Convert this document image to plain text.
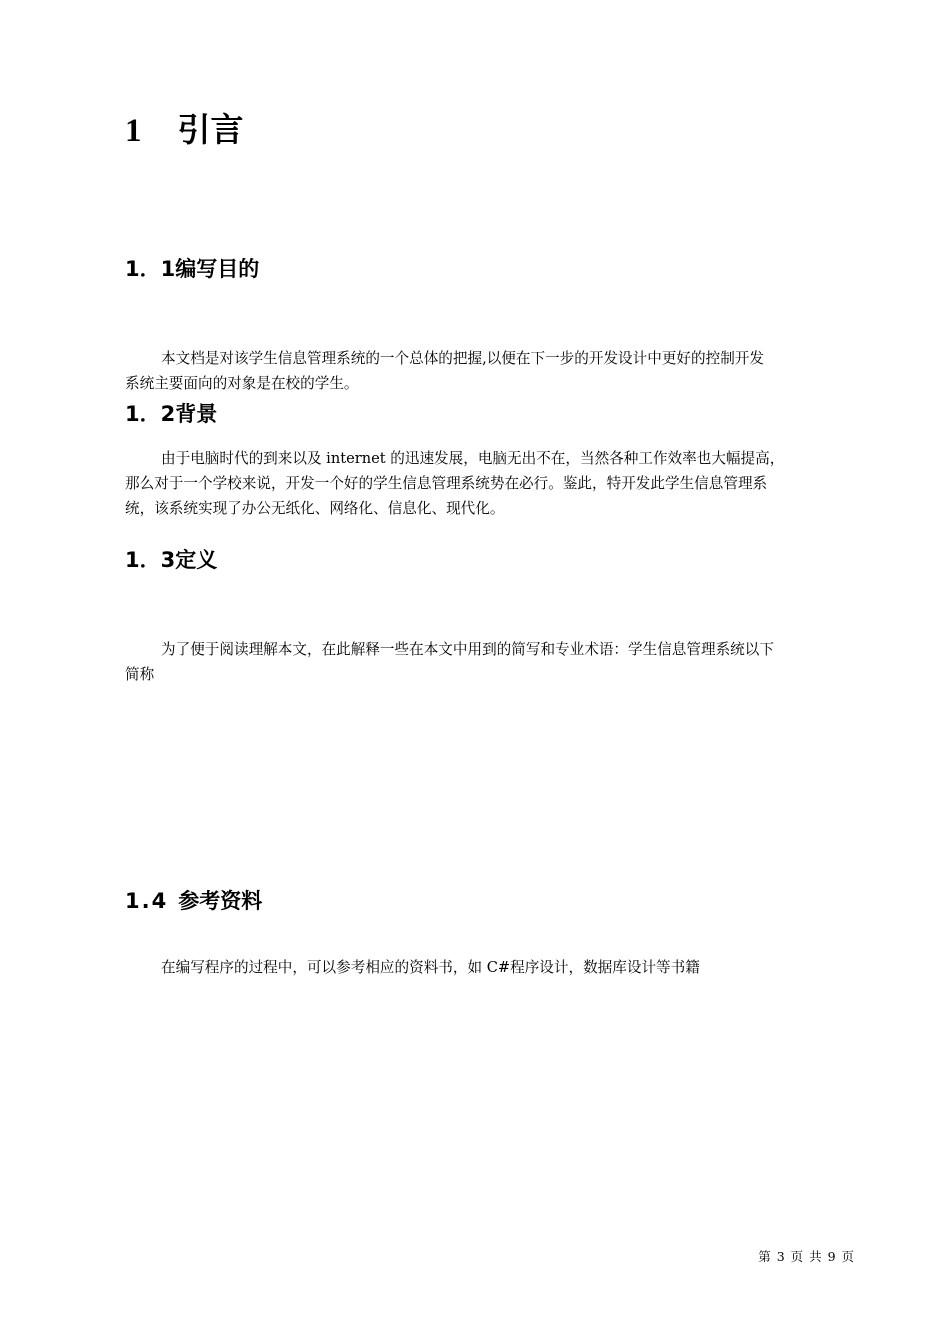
1 引言
1．1编写目的
本文档是对该学生信息管理系统的一个总体的把握,以便在下一步的开发设计中更好的控制开发
系统主要面向的对象是在校的学生。
1．2背景
由于电脑时代的到来以及 internet 的迅速发展，电脑无出不在，当然各种工作效率也大幅提高，
那么对于一个学校来说，开发一个好的学生信息管理系统势在必行。鉴此，特开发此学生信息管理系
统，该系统实现了办公无纸化、网络化、信息化、现代化。
1．3定义
为了便于阅读理解本文，在此解释一些在本文中用到的简写和专业术语：学生信息管理系统以下
简称
1.4 参考资料
在编写程序的过程中，可以参考相应的资料书，如 C#程序设计，数据库设计等书籍
第 3 页 共 9 页
